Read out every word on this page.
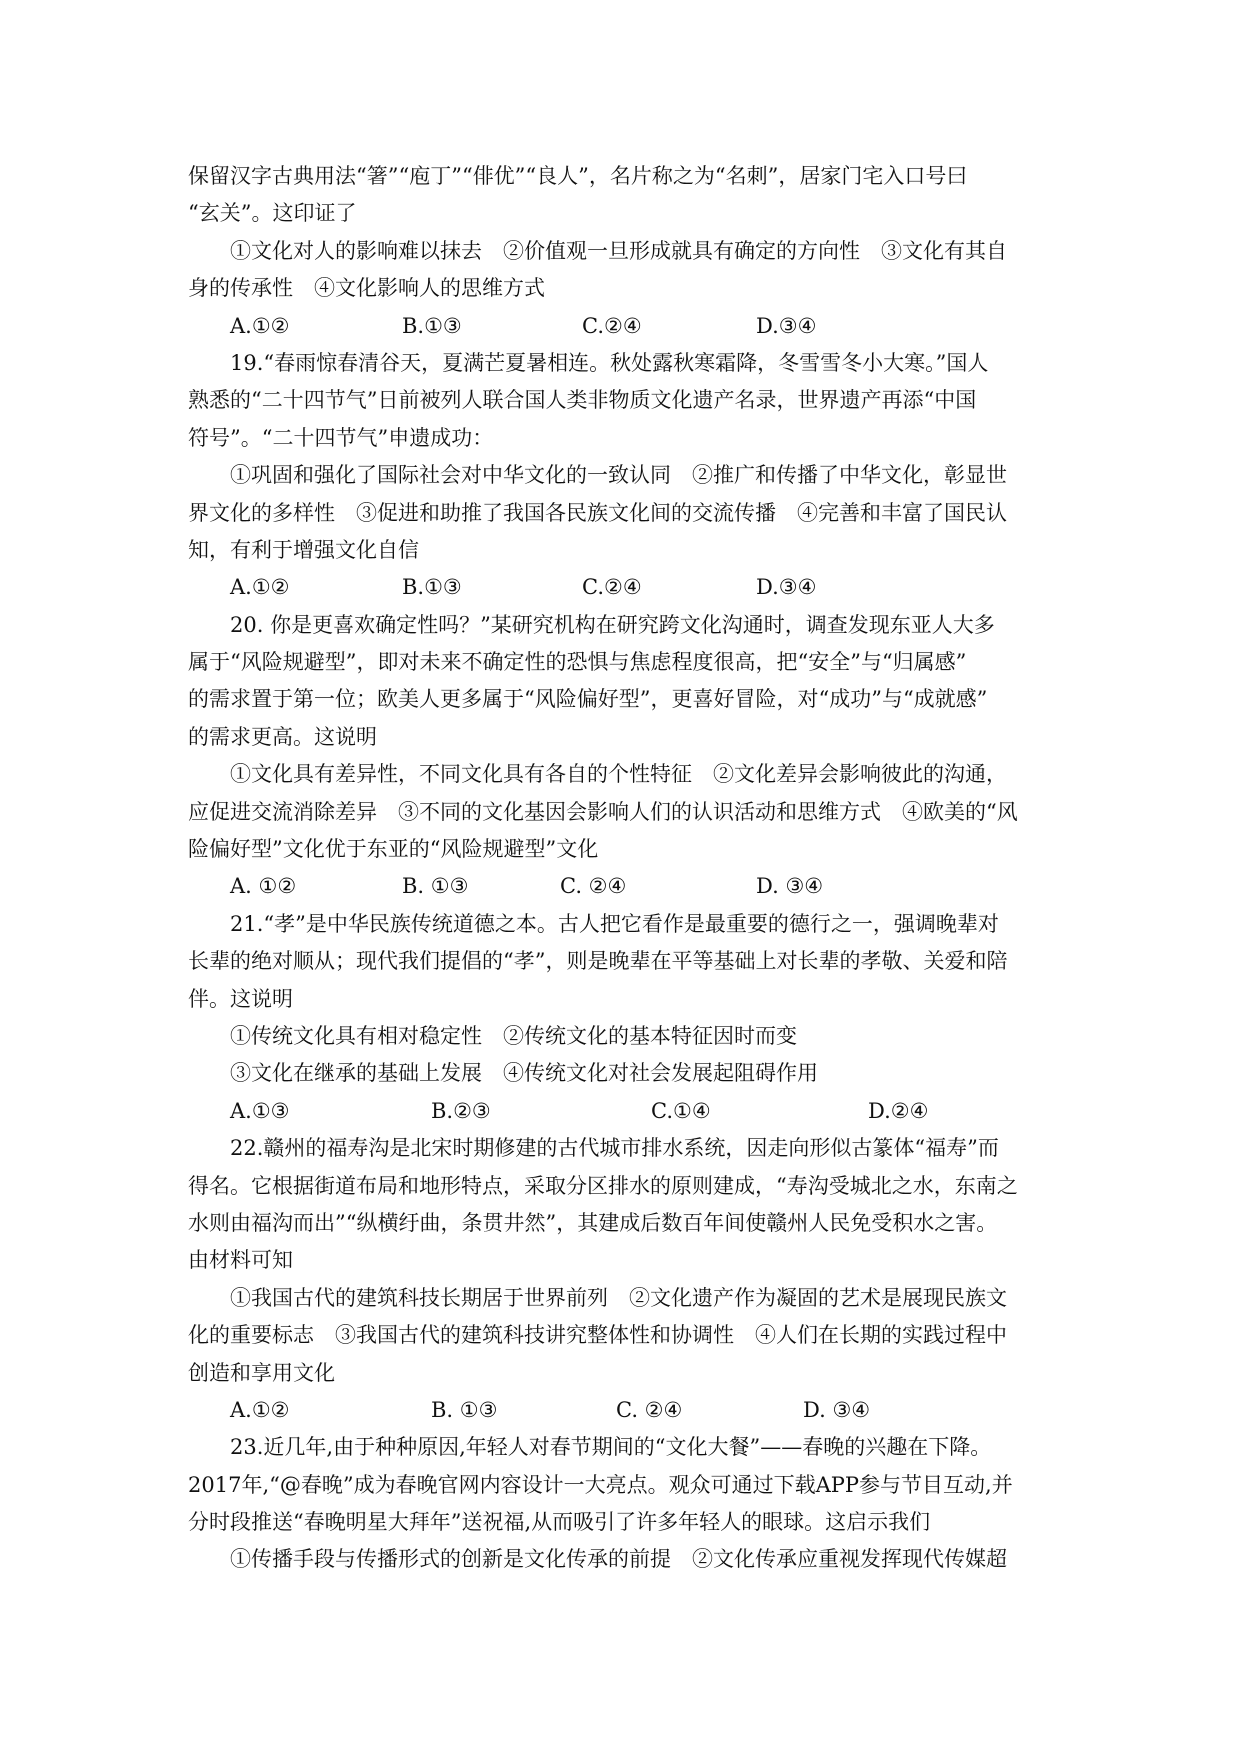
保留汉字古典用法“箸”“庖丁”“俳优”“良人”，名片称之为“名刺”，居家门宅入口号曰
“玄关”。这印证了
①文化对人的影响难以抹去　②价值观一旦形成就具有确定的方向性　③文化有其自
身的传承性　④文化影响人的思维方式
A.①②	B.①③	C.②④	D.③④
19.“春雨惊春清谷天，夏满芒夏暑相连。秋处露秋寒霜降，冬雪雪冬小大寒。”国人
熟悉的“二十四节气”日前被列人联合国人类非物质文化遗产名录，世界遗产再添“中国
符号”。“二十四节气”申遗成功：
①巩固和强化了国际社会对中华文化的一致认同　②推广和传播了中华文化，彰显世
界文化的多样性　③促进和助推了我国各民族文化间的交流传播　④完善和丰富了国民认
知，有利于增强文化自信
A.①②	B.①③	C.②④	D.③④
20. 你是更喜欢确定性吗？”某研究机构在研究跨文化沟通时，调查发现东亚人大多
属于“风险规避型”，即对未来不确定性的恐惧与焦虑程度很高，把“安全”与“归属感”
的需求置于第一位；欧美人更多属于“风险偏好型”，更喜好冒险，对“成功”与“成就感”
的需求更高。这说明
①文化具有差异性，不同文化具有各自的个性特征　②文化差异会影响彼此的沟通，
应促进交流消除差异　③不同的文化基因会影响人们的认识活动和思维方式　④欧美的“风
险偏好型”文化优于东亚的“风险规避型”文化
A. ①②	B. ①③	C. ②④	D. ③④
21.“孝”是中华民族传统道德之本。古人把它看作是最重要的德行之一，强调晚辈对
长辈的绝对顺从；现代我们提倡的“孝”，则是晚辈在平等基础上对长辈的孝敬、关爱和陪
伴。这说明
①传统文化具有相对稳定性　②传统文化的基本特征因时而变
③文化在继承的基础上发展　④传统文化对社会发展起阻碍作用
A.①③	B.②③	C.①④	D.②④
22.赣州的福寿沟是北宋时期修建的古代城市排水系统，因走向形似古篆体“福寿”而
得名。它根据街道布局和地形特点，采取分区排水的原则建成，“寿沟受城北之水，东南之
水则由福沟而出”“纵横纡曲，条贯井然”，其建成后数百年间使赣州人民免受积水之害。
由材料可知
①我国古代的建筑科技长期居于世界前列　②文化遗产作为凝固的艺术是展现民族文
化的重要标志　③我国古代的建筑科技讲究整体性和协调性　④人们在长期的实践过程中
创造和享用文化
A.①②	B. ①③	C. ②④	D. ③④
23.近几年,由于种种原因,年轻人对春节期间的“文化大餐”——春晚的兴趣在下降。
2017年,“@春晚”成为春晚官网内容设计一大亮点。观众可通过下载APP参与节目互动,并
分时段推送“春晚明星大拜年”送祝福,从而吸引了许多年轻人的眼球。这启示我们
①传播手段与传播形式的创新是文化传承的前提　②文化传承应重视发挥现代传媒超
